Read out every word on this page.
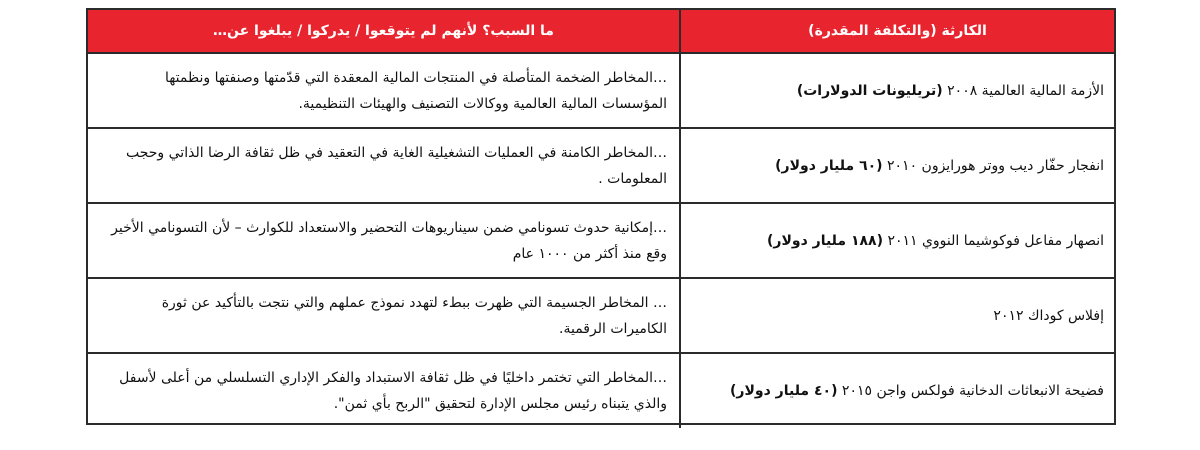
الكارثة (والتكلفة المقدرة)	ما السبب؟ لأنهم لم يتوقعوا / يدركوا / يبلغوا عن…
الأزمة المالية العالمية ٢٠٠٨ (تريليونات الدولارات)	…المخاطر الضخمة المتأصلة في المنتجات المالية المعقدة التي قدّمتها وصنفتها ونظمتها المؤسسات المالية العالمية ووكالات التصنيف والهيئات التنظيمية.
انفجار حفّار ديب ووتر هورايزون ٢٠١٠ (٦٠ مليار دولار)	…المخاطر الكامنة في العمليات التشغيلية الغاية في التعقيد في ظل ثقافة الرضا الذاتي وحجب المعلومات .
انصهار مفاعل فوكوشيما النووي ٢٠١١ (١٨٨ مليار دولار)	…إمكانية حدوث تسونامي ضمن سيناريوهات التحضير والاستعداد للكوارث – لأن التسونامي الأخير وقع منذ أكثر من ١٠٠٠ عام
إفلاس كوداك ٢٠١٢	… المخاطر الجسيمة التي ظهرت ببطء لتهدد نموذج عملهم والتي نتجت بالتأكيد عن ثورة الكاميرات الرقمية.
فضيحة الانبعاثات الدخانية فولكس واجن ٢٠١٥ (٤٠ مليار دولار)	…المخاطر التي تختمر داخليًا في ظل ثقافة الاستبداد والفكر الإداري التسلسلي من أعلى لأسفل والذي يتبناه رئيس مجلس الإدارة لتحقيق "الربح بأي ثمن".
